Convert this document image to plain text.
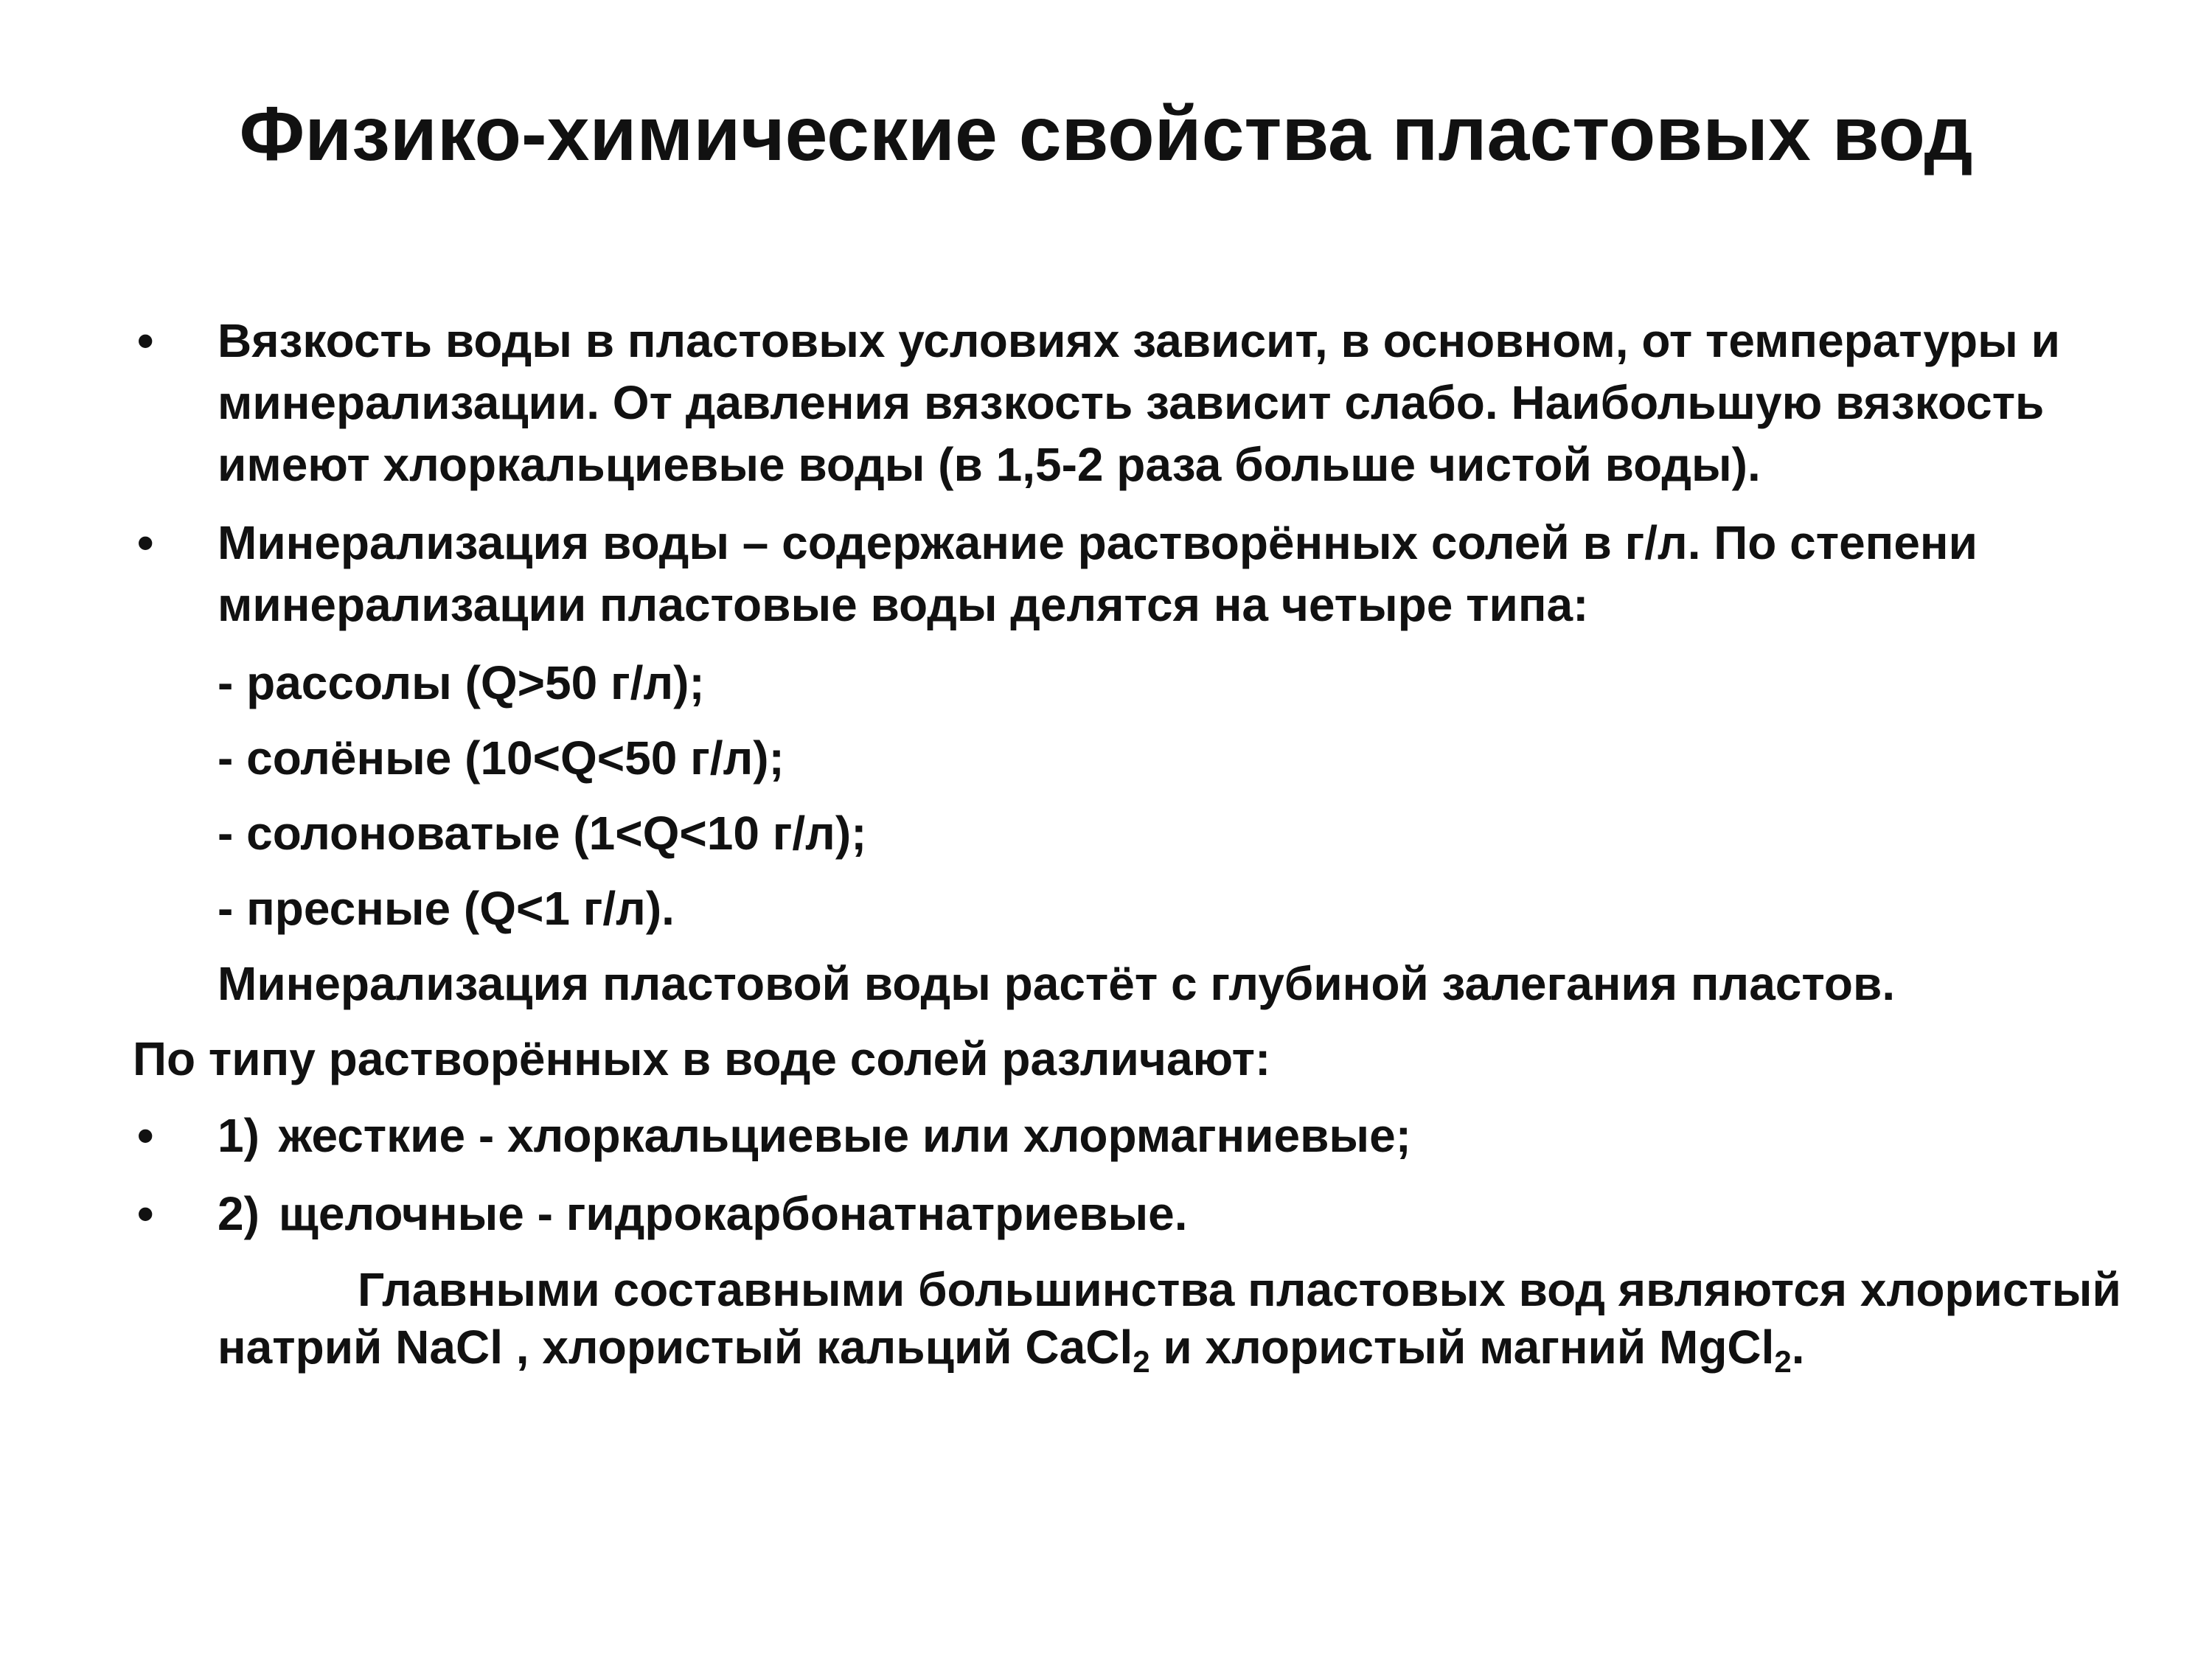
Физико-химические свойства пластовых вод
• Вязкость воды в пластовых условиях зависит, в основном, от температуры и минерализации. От давления вязкость зависит слабо. Наибольшую вязкость имеют хлоркальциевые воды (в 1,5-2 раза больше чистой воды).
• Минерализация воды – содержание растворённых солей в г/л. По степени минерализации пластовые воды делятся на четыре типа:
- рассолы (Q>50 г/л);
- солёные (10<Q<50 г/л);
- солоноватые (1<Q<10 г/л);
- пресные (Q<1 г/л).
Минерализация пластовой воды растёт с глубиной залегания пластов.
По типу растворённых в воде солей различают:
• 1) жесткие - хлоркальциевые или хлормагниевые;
• 2) щелочные - гидрокарбонатнатриевые.
Главными составными большинства пластовых вод являются хлористый натрий NaCl , хлористый кальций CaCl$_2$ и хлористый магний MgCl$_2$.
